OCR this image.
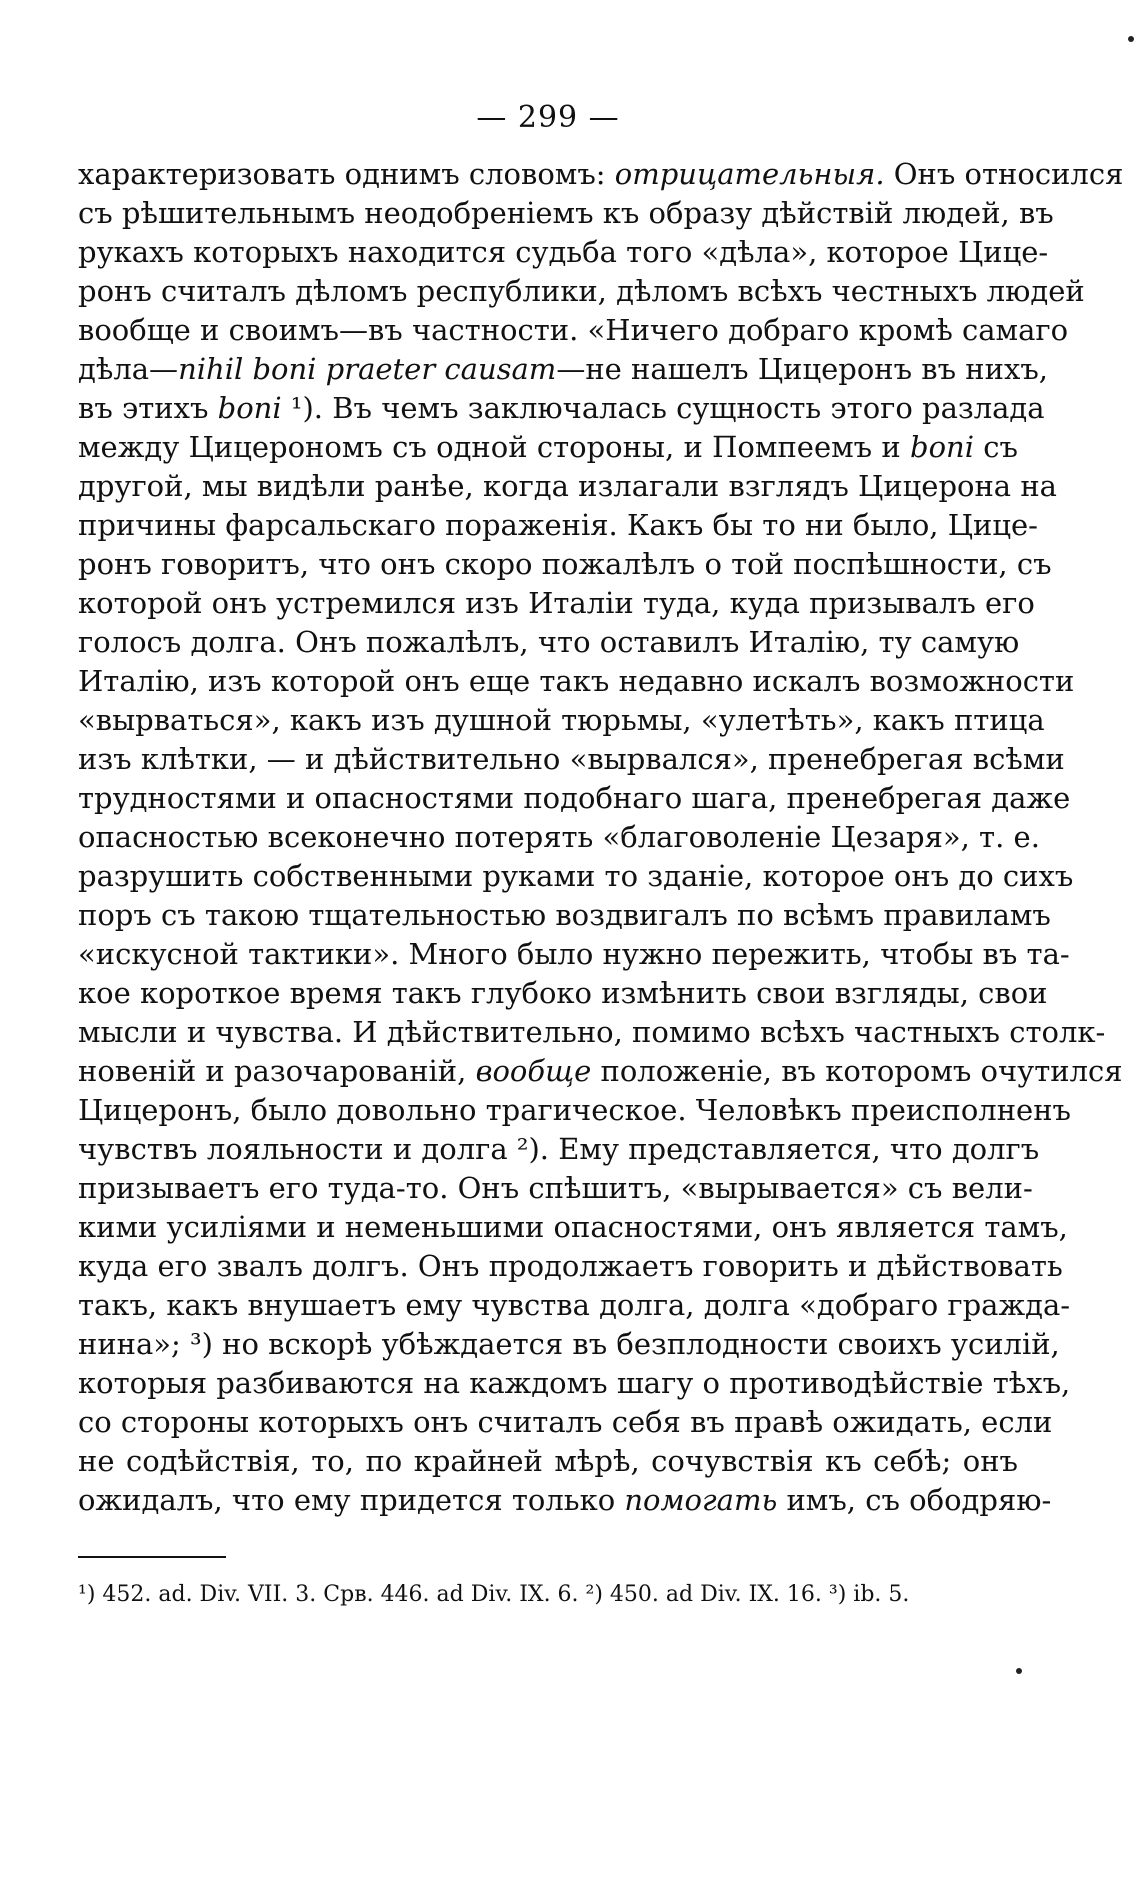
— 299 —
характеризовать однимъ словомъ: отрицательныя. Онъ относился
съ рѣшительнымъ неодобреніемъ къ образу дѣйствій людей, въ
рукахъ которыхъ находится судьба того «дѣла», которое Цице-
ронъ считалъ дѣломъ республики, дѣломъ всѣхъ честныхъ людей
вообще и своимъ—въ частности. «Ничего добраго кромѣ самаго
дѣла—nihil boni praeter causam—не нашелъ Цицеронъ въ нихъ,
въ этихъ boni ¹). Въ чемъ заключалась сущность этого разлада
между Цицерономъ съ одной стороны, и Помпеемъ и boni съ
другой, мы видѣли ранѣе, когда излагали взглядъ Цицерона на
причины фарсальскаго пораженія. Какъ бы то ни было, Цице-
ронъ говоритъ, что онъ скоро пожалѣлъ о той поспѣшности, съ
которой онъ устремился изъ Италіи туда, куда призывалъ его
голосъ долга. Онъ пожалѣлъ, что оставилъ Италію, ту самую
Италію, изъ которой онъ еще такъ недавно искалъ возможности
«вырваться», какъ изъ душной тюрьмы, «улетѣть», какъ птица
изъ клѣтки, — и дѣйствительно «вырвался», пренебрегая всѣми
трудностями и опасностями подобнаго шага, пренебрегая даже
опасностью всеконечно потерять «благоволеніе Цезаря», т. е.
разрушить собственными руками то зданіе, которое онъ до сихъ
поръ съ такою тщательностью воздвигалъ по всѣмъ правиламъ
«искусной тактики». Много было нужно пережить, чтобы въ та-
кое короткое время такъ глубоко измѣнить свои взгляды, свои
мысли и чувства. И дѣйствительно, помимо всѣхъ частныхъ столк-
новеній и разочарованій, вообще положеніе, въ которомъ очутился
Цицеронъ, было довольно трагическое. Человѣкъ преисполненъ
чувствъ лояльности и долга ²). Ему представляется, что долгъ
призываетъ его туда-то. Онъ спѣшитъ, «вырывается» съ вели-
кими усиліями и неменьшими опасностями, онъ является тамъ,
куда его звалъ долгъ. Онъ продолжаетъ говорить и дѣйствовать
такъ, какъ внушаетъ ему чувства долга, долга «добраго гражда-
нина»; ³) но вскорѣ убѣждается въ безплодности своихъ усилій,
которыя разбиваются на каждомъ шагу о противодѣйствіе тѣхъ,
со стороны которыхъ онъ считалъ себя въ правѣ ожидать, если
не содѣйствія, то, по крайней мѣрѣ, сочувствія къ себѣ; онъ
ожидалъ, что ему придется только помогать имъ, съ ободряю-
¹) 452. ad. Div. VII. 3. Срв. 446. ad Div. IX. 6. ²) 450. ad Div. IX. 16. ³) ib. 5.
